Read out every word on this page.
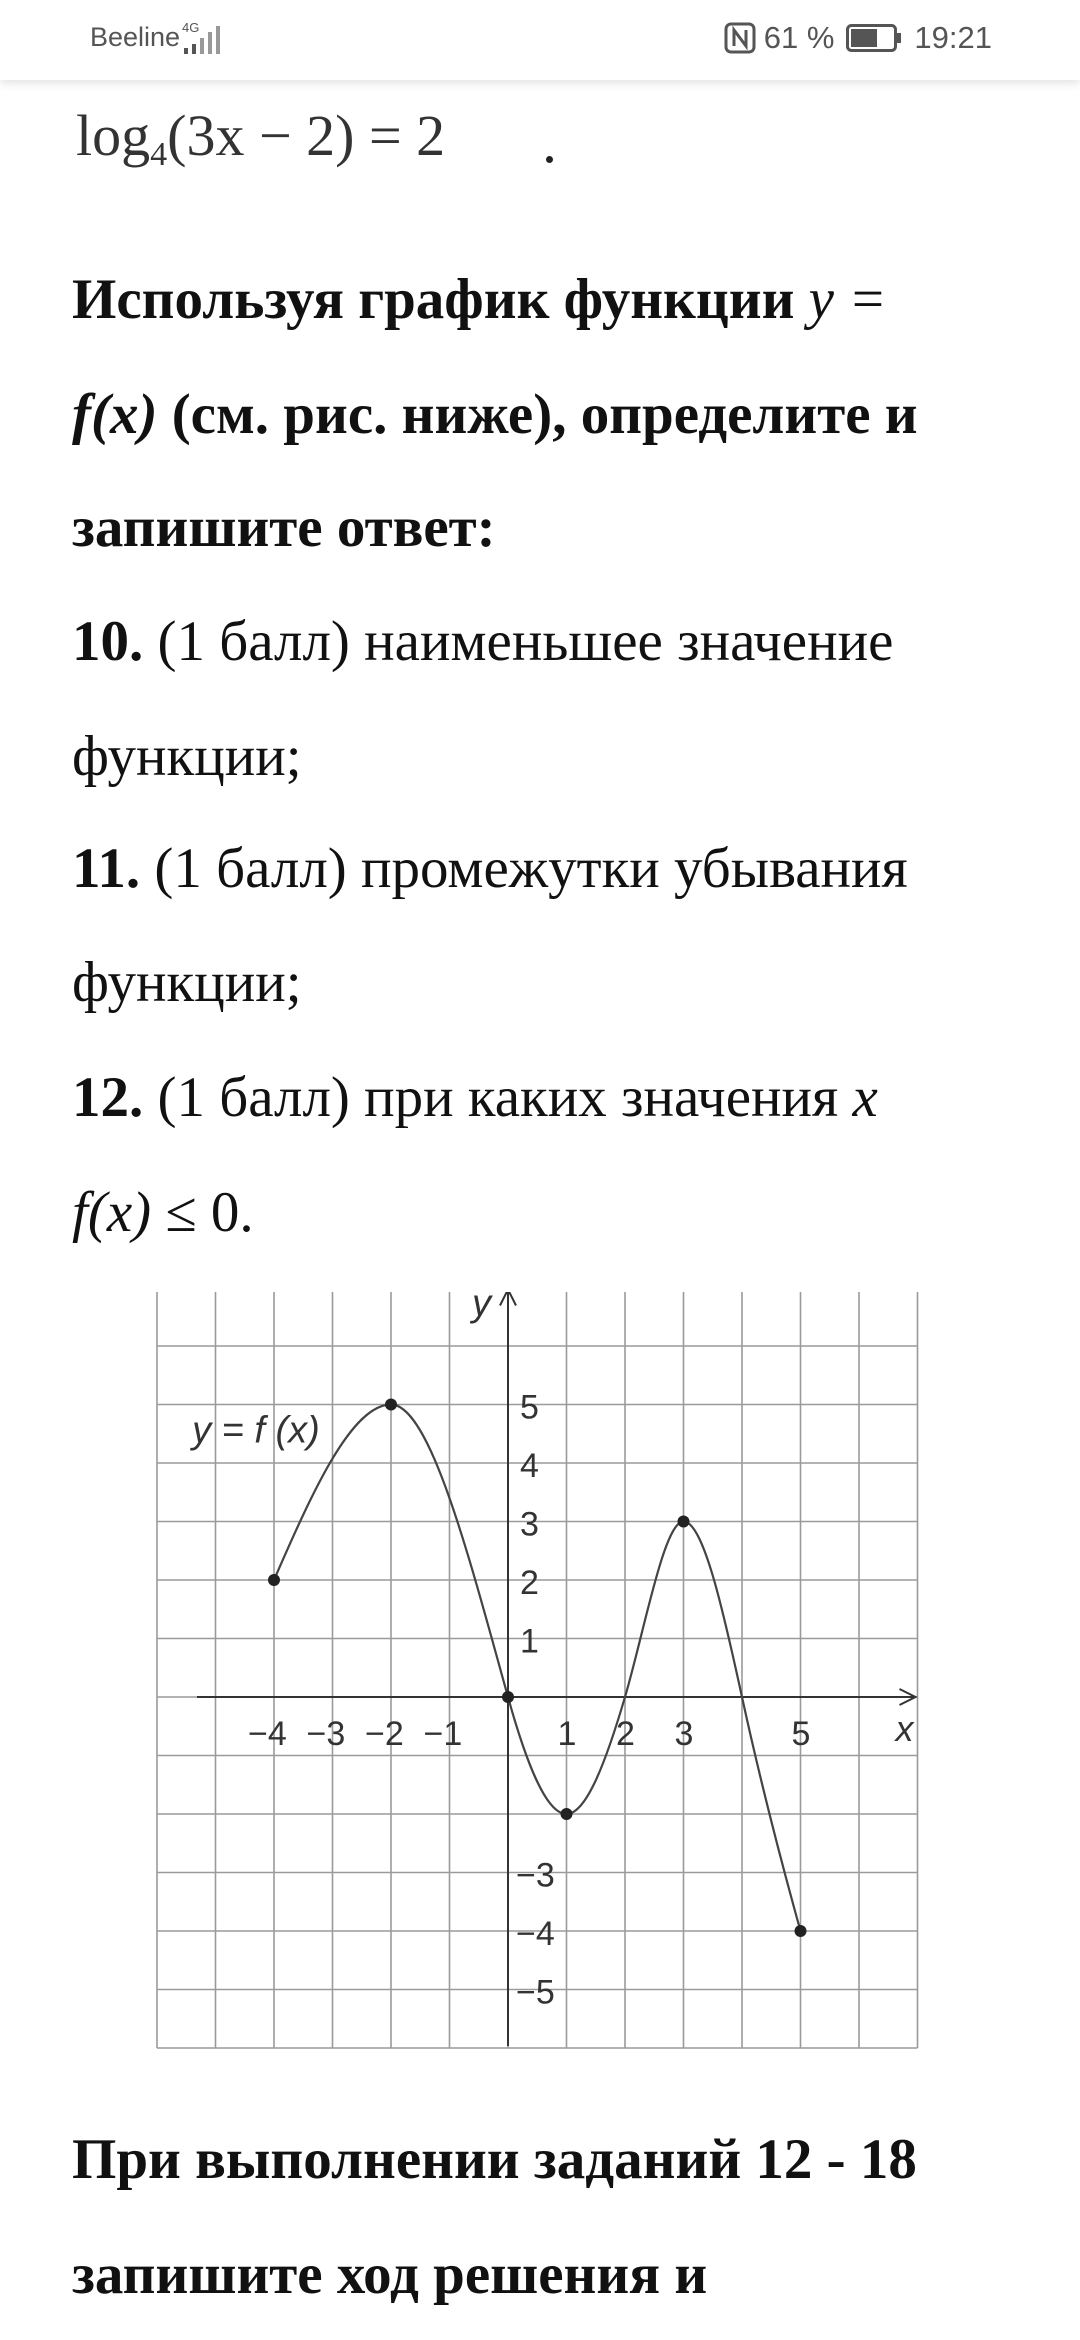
Beeline 4G	61 %	19:21
$\log_4(3x - 2) = 2$
Используя график функции y =
f(x) (см. рис. ниже), определите и
запишите ответ:
10. (1 балл) наименьшее значение
функции;
11. (1 балл) промежутки убывания
функции;
12. (1 балл) при каких значения x
f(x) ≤ 0.
−4 −3 −2 −1	1 2 3	5
5
4
3
2
1
−3
−4
−5
x
y
y = f (x)
При выполнении заданий 12 - 18
запишите ход решения и
